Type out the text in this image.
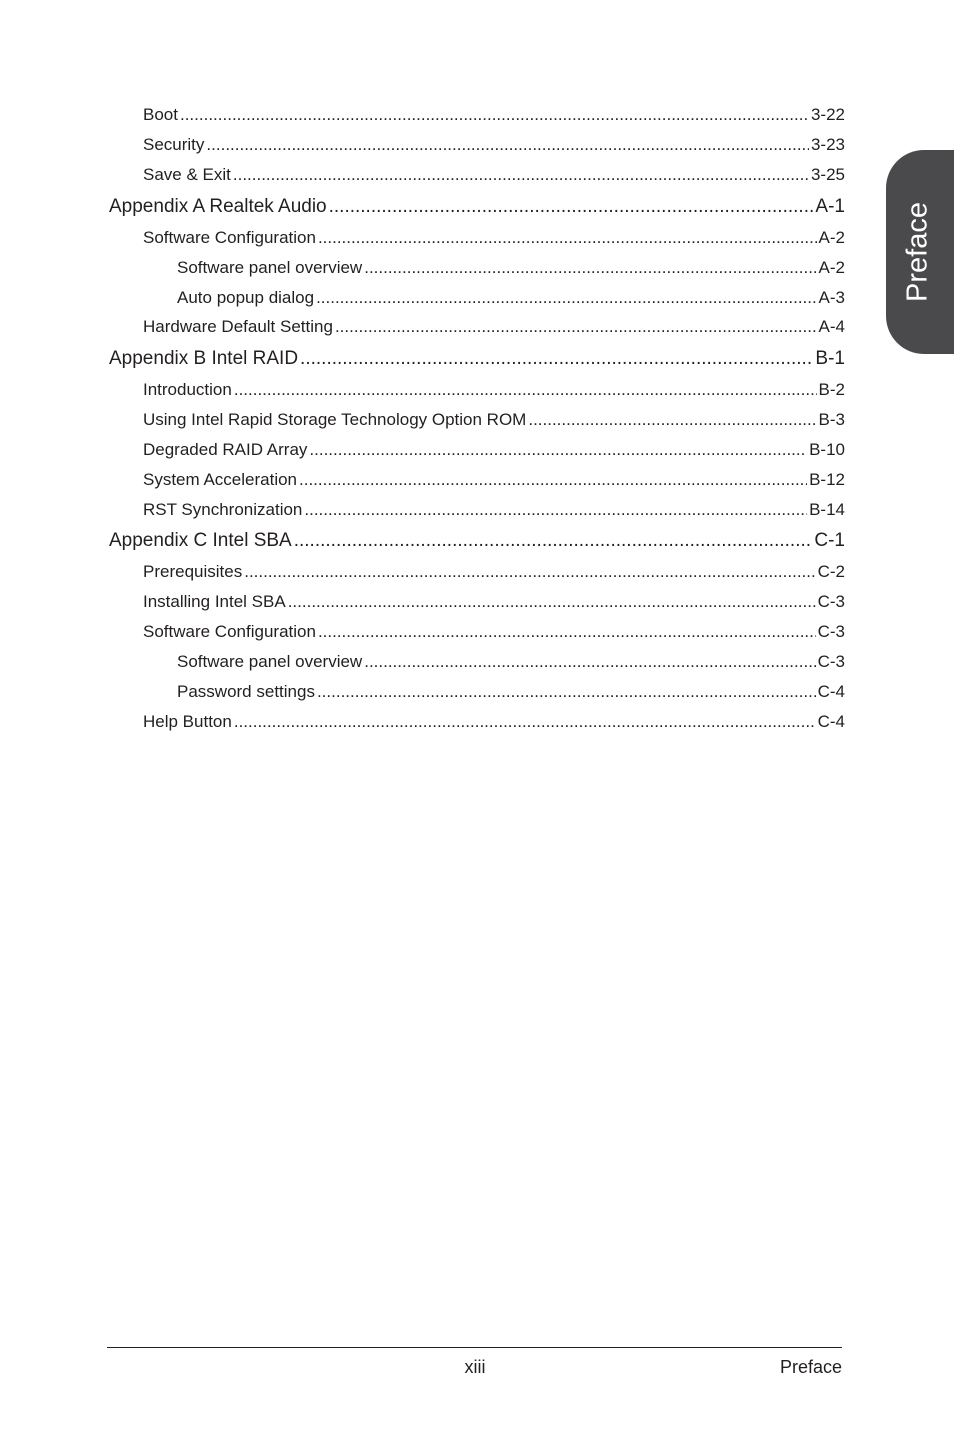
Boot .....	3-22
Security .....	3-23
Save & Exit .....	3-25
Appendix A Realtek Audio .....	A-1
Software Configuration .....	A-2
Software panel overview .....	A-2
Auto popup dialog .....	A-3
Hardware Default Setting .....	A-4
Appendix B Intel RAID .....	B-1
Introduction .....	B-2
Using Intel Rapid Storage Technology Option ROM .....	B-3
Degraded RAID Array .....	B-10
System Acceleration .....	B-12
RST Synchronization .....	B-14
Appendix C Intel SBA .....	C-1
Prerequisites .....	C-2
Installing Intel SBA .....	C-3
Software Configuration .....	C-3
Software panel overview .....	C-3
Password settings .....	C-4
Help Button .....	C-4
Preface
xiii	Preface
